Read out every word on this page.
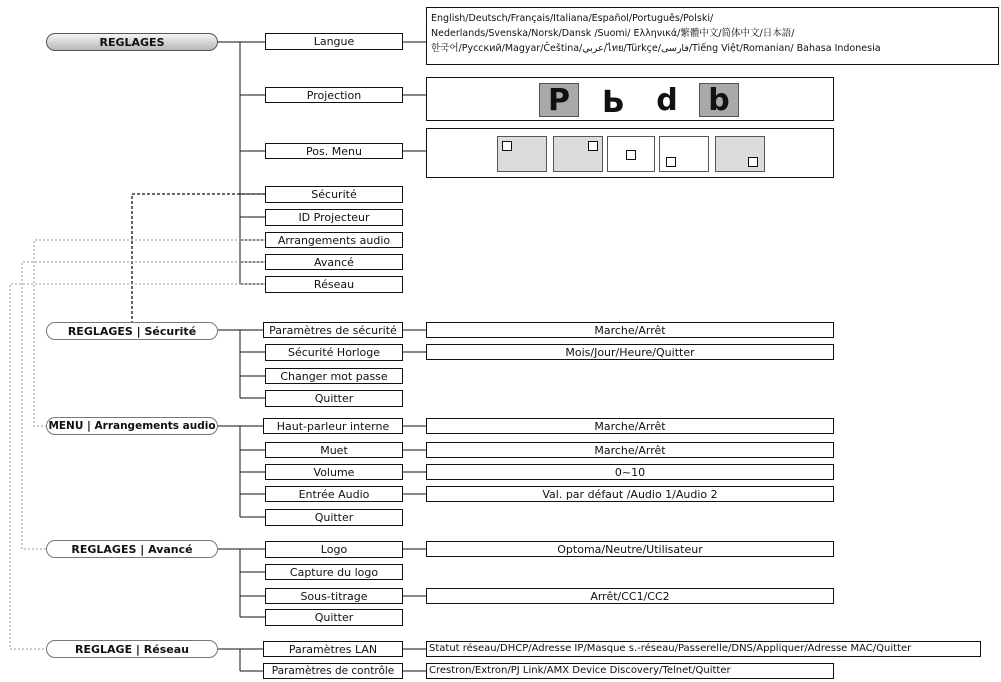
REGLAGES
REGLAGES | Sécurité
MENU | Arrangements audio
REGLAGES | Avancé
REGLAGE | Réseau
Langue
Projection
Pos. Menu
Sécurité
ID Projecteur
Arrangements audio
Avancé
Réseau
English/Deutsch/Français/Italiana/Español/Português/Polski/
Nederlands/Svenska/Norsk/Dansk /Suomi/ Ελληνικά/繁體中文/简体中文/日本語/
한국어/Русский/Magyar/Čeština/عربي/ไทย/Türkçe/فارسی/Tiếng Việt/Romanian/ Bahasa Indonesia
P	P	d	b
Paramètres de sécurité
Sécurité Horloge
Changer mot passe
Quitter
Marche/Arrêt
Mois/Jour/Heure/Quitter
Haut-parleur interne
Muet
Volume
Entrée Audio
Quitter
Marche/Arrêt
Marche/Arrêt
0~10
Val. par défaut /Audio 1/Audio 2
Logo
Capture du logo
Sous-titrage
Quitter
Optoma/Neutre/Utilisateur
Arrêt/CC1/CC2
Paramètres LAN
Paramètres de contrôle
Statut réseau/DHCP/Adresse IP/Masque s.-réseau/Passerelle/DNS/Appliquer/Adresse MAC/Quitter
Crestron/Extron/PJ Link/AMX Device Discovery/Telnet/Quitter
